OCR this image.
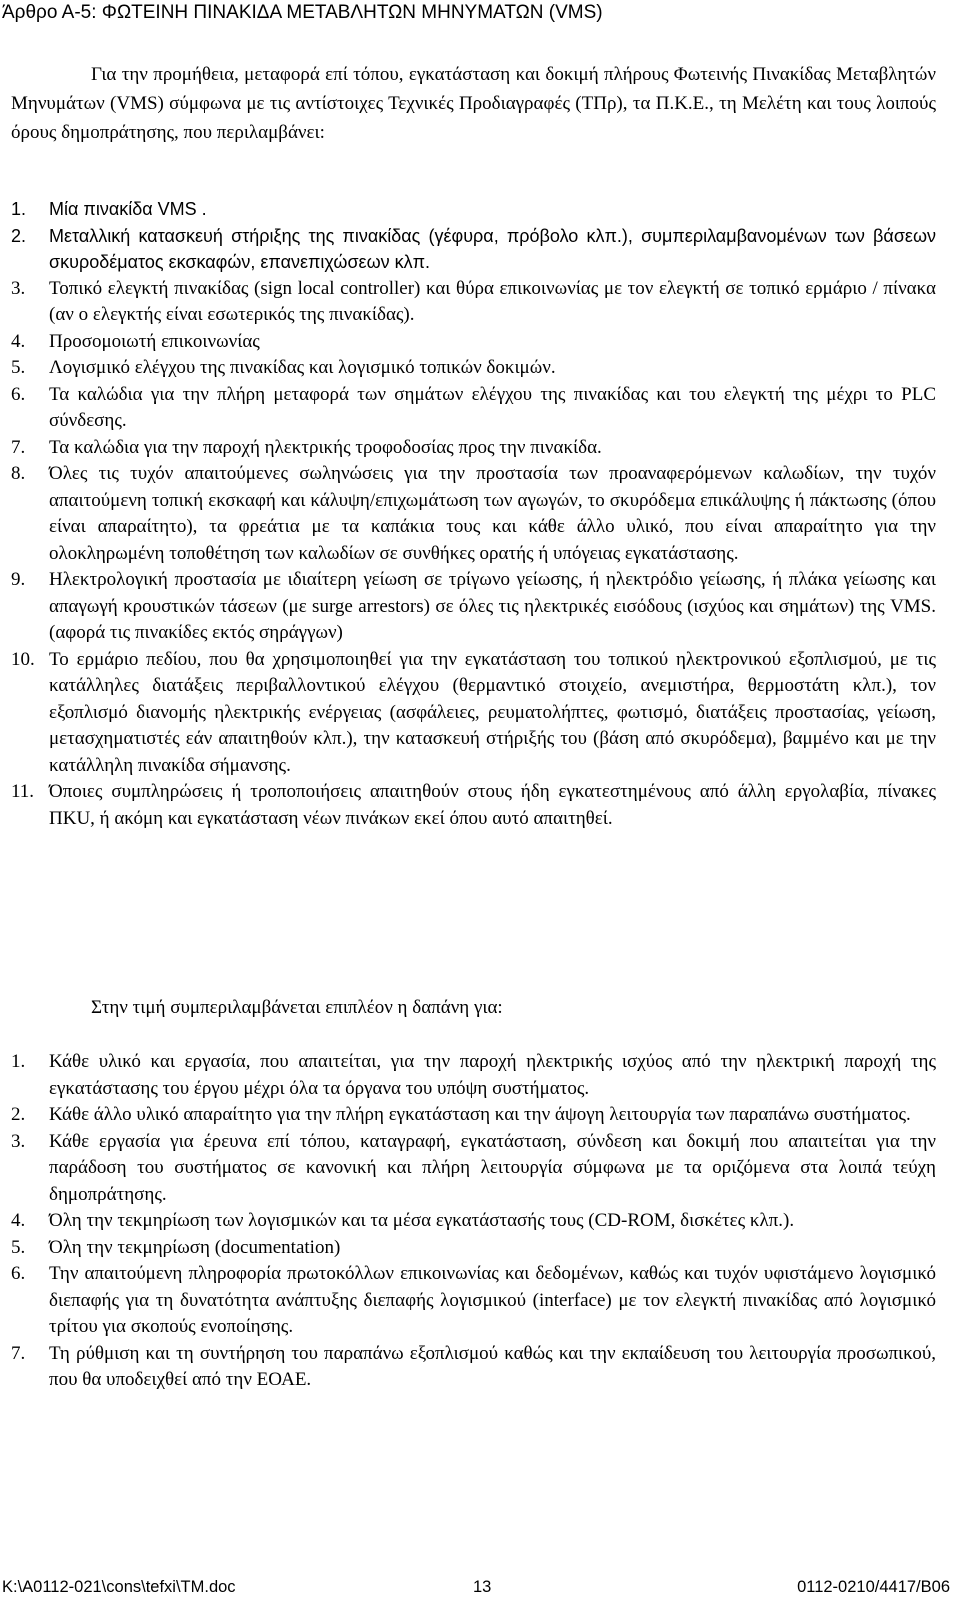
Άρθρο Α-5: ΦΩΤΕΙΝΗ ΠΙΝΑΚΙΔΑ ΜΕΤΑΒΛΗΤΩΝ ΜΗΝΥΜΑΤΩΝ (VMS)
Για την προμήθεια, μεταφορά επί τόπου, εγκατάσταση και δοκιμή πλήρους Φωτεινής Πινακίδας Μεταβλητών Μηνυμάτων (VMS) σύμφωνα με τις αντίστοιχες Τεχνικές Προδιαγραφές (ΤΠρ), τα Π.Κ.Ε., τη Μελέτη και τους λοιπούς όρους δημοπράτησης, που περιλαμβάνει:
1.	Μία πινακίδα VMS .
2.	Μεταλλική κατασκευή στήριξης της πινακίδας (γέφυρα, πρόβολο κλπ.), συμπεριλαμβανομένων των βάσεων σκυροδέματος εκσκαφών, επανεπιχώσεων κλπ.
3.	Τοπικό ελεγκτή πινακίδας (sign local controller) και θύρα επικοινωνίας με τον ελεγκτή σε τοπικό ερμάριο / πίνακα (αν ο ελεγκτής είναι εσωτερικός της πινακίδας).
4.	Προσομοιωτή επικοινωνίας
5.	Λογισμικό ελέγχου της πινακίδας και λογισμικό τοπικών δοκιμών.
6.	Τα καλώδια για την πλήρη μεταφορά των σημάτων ελέγχου της πινακίδας και του ελεγκτή της μέχρι το PLC σύνδεσης.
7.	Τα καλώδια για την παροχή ηλεκτρικής τροφοδοσίας προς την πινακίδα.
8.	Όλες τις τυχόν απαιτούμενες σωληνώσεις για την προστασία των προαναφερόμενων καλωδίων, την τυχόν απαιτούμενη τοπική εκσκαφή και κάλυψη/επιχωμάτωση των αγωγών, το σκυρόδεμα επικάλυψης ή πάκτωσης (όπου είναι απαραίτητο), τα φρεάτια με τα καπάκια τους και κάθε άλλο υλικό, που είναι απαραίτητο για την ολοκληρωμένη τοποθέτηση των καλωδίων σε συνθήκες ορατής ή υπόγειας εγκατάστασης.
9.	Ηλεκτρολογική προστασία με ιδιαίτερη γείωση σε τρίγωνο γείωσης, ή ηλεκτρόδιο γείωσης, ή πλάκα γείωσης και απαγωγή κρουστικών τάσεων (με surge arrestors) σε όλες τις ηλεκτρικές εισόδους (ισχύος και σημάτων) της VMS. (αφορά τις πινακίδες εκτός σηράγγων)
10. Το ερμάριο πεδίου, που θα χρησιμοποιηθεί για την εγκατάσταση του τοπικού ηλεκτρονικού εξοπλισμού, με τις κατάλληλες διατάξεις περιβαλλοντικού ελέγχου (θερμαντικό στοιχείο, ανεμιστήρα, θερμοστάτη κλπ.), τον εξοπλισμό διανομής ηλεκτρικής ενέργειας (ασφάλειες, ρευματολήπτες, φωτισμό, διατάξεις προστασίας, γείωση, μετασχηματιστές εάν απαιτηθούν κλπ.), την κατασκευή στήριξής του (βάση από σκυρόδεμα), βαμμένο και με την κατάλληλη πινακίδα σήμανσης.
11. Όποιες συμπληρώσεις ή τροποποιήσεις απαιτηθούν στους ήδη εγκατεστημένους από άλλη εργολαβία, πίνακες ΠΚU, ή ακόμη και εγκατάσταση νέων πινάκων εκεί όπου αυτό απαιτηθεί.
Στην τιμή συμπεριλαμβάνεται επιπλέον η δαπάνη για:
1.	Κάθε υλικό και εργασία, που απαιτείται, για την παροχή ηλεκτρικής ισχύος από την ηλεκτρική παροχή της εγκατάστασης του έργου μέχρι όλα τα όργανα του υπόψη συστήματος.
2.	Κάθε άλλο υλικό απαραίτητο για την πλήρη εγκατάσταση και την άψογη λειτουργία των παραπάνω συστήματος.
3.	Κάθε εργασία για έρευνα επί τόπου, καταγραφή, εγκατάσταση, σύνδεση και δοκιμή που απαιτείται για την παράδοση του συστήματος σε κανονική και πλήρη λειτουργία σύμφωνα με τα οριζόμενα στα λοιπά τεύχη δημοπράτησης.
4.	Όλη την τεκμηρίωση των λογισμικών και τα μέσα εγκατάστασής τους (CD-ROM, δισκέτες κλπ.).
5.	Όλη την τεκμηρίωση (documentation)
6.	Την απαιτούμενη πληροφορία πρωτοκόλλων επικοινωνίας και δεδομένων, καθώς και τυχόν υφιστάμενο λογισμικό διεπαφής για τη δυνατότητα ανάπτυξης διεπαφής λογισμικού (interface) με τον ελεγκτή πινακίδας από λογισμικό τρίτου για σκοπούς ενοποίησης.
7.	Τη ρύθμιση και τη συντήρηση του παραπάνω εξοπλισμού καθώς και την εκπαίδευση του λειτουργία προσωπικού, που θα υποδειχθεί από την ΕΟΑΕ.
K:\A0112-021\cons\tefxi\TM.doc	13	0112-0210/4417/B06
